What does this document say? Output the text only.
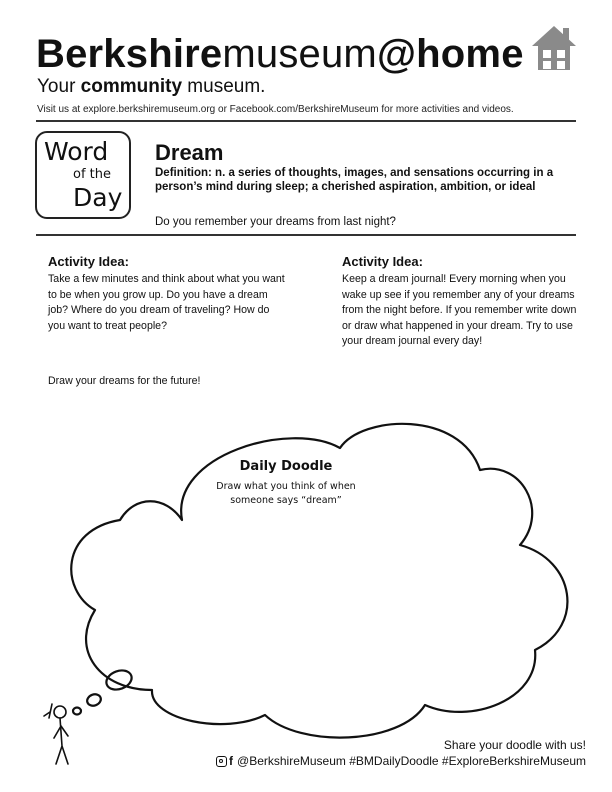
Berkshiremuseum@home
Your community museum.
Visit us at explore.berkshiremuseum.org or Facebook.com/BerkshireMuseum for more activities and videos.
Word
of the
Day
Dream
Definition: n. a series of thoughts, images, and sensations occurring in a person’s mind during sleep; a cherished aspiration, ambition, or ideal
Do you remember your dreams from last night?
Activity Idea:
Take a few minutes and think about what you want to be when you grow up. Do you have a dream job? Where do you dream of traveling? How do you want to treat people?
Draw your dreams for the future!
Activity Idea:
Keep a dream journal! Every morning when you wake up see if you remember any of your dreams from the night before. If you remember write down or draw what happened in your dream. Try to use your dream journal every day!
Daily Doodle
Draw what you think of when someone says “dream”
Share your doodle with us!
f @BerkshireMuseum #BMDailyDoodle #ExploreBerkshireMuseum
